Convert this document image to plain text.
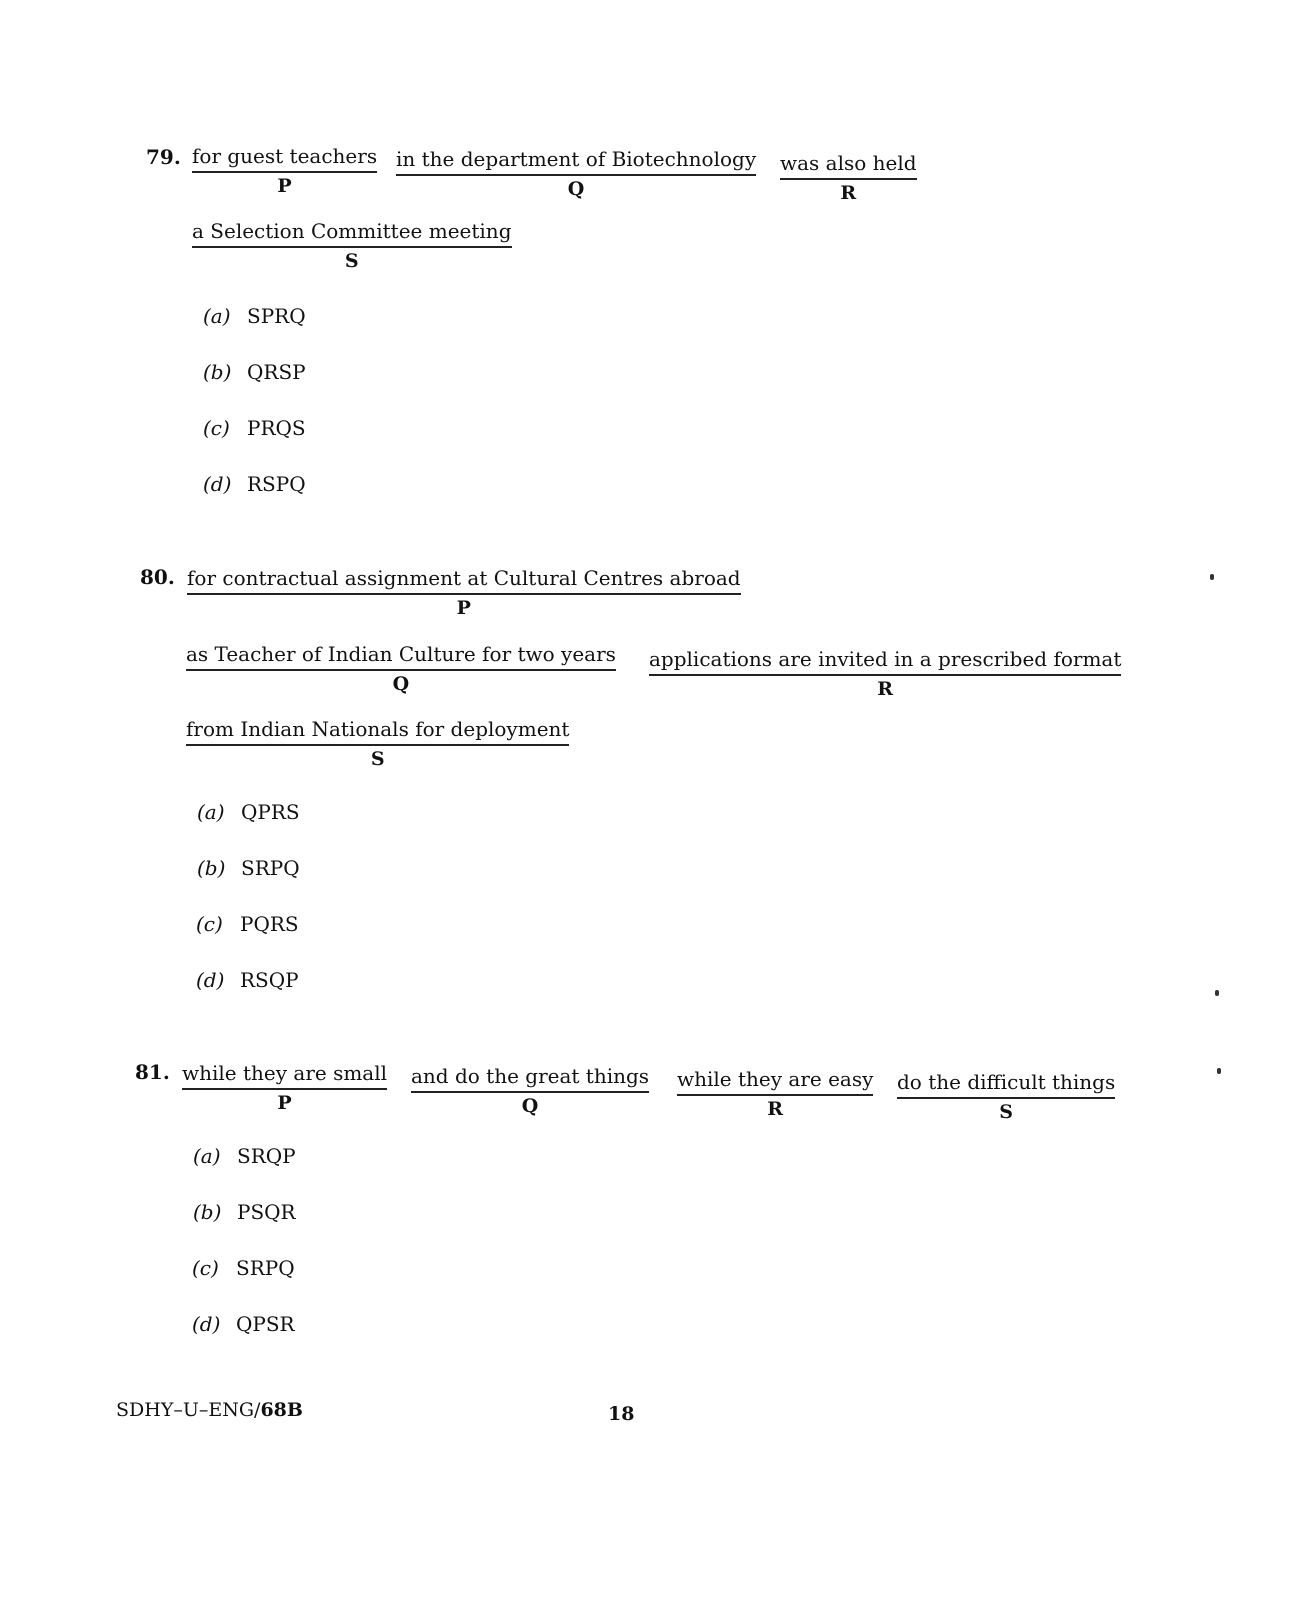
79. for guest teachers
P
in the department of Biotechnology
Q
was also held
R
a Selection Committee meeting
S
(a) SPRQ
(b) QRSP
(c) PRQS
(d) RSPQ
80. for contractual assignment at Cultural Centres abroad
P
as Teacher of Indian Culture for two years
Q
applications are invited in a prescribed format
R
from Indian Nationals for deployment
S
(a) QPRS
(b) SRPQ
(c) PQRS
(d) RSQP
81. while they are small
P
and do the great things
Q
while they are easy
R
do the difficult things
S
(a) SRQP
(b) PSQR
(c) SRPQ
(d) QPSR
SDHY–U–ENG/68B	18
